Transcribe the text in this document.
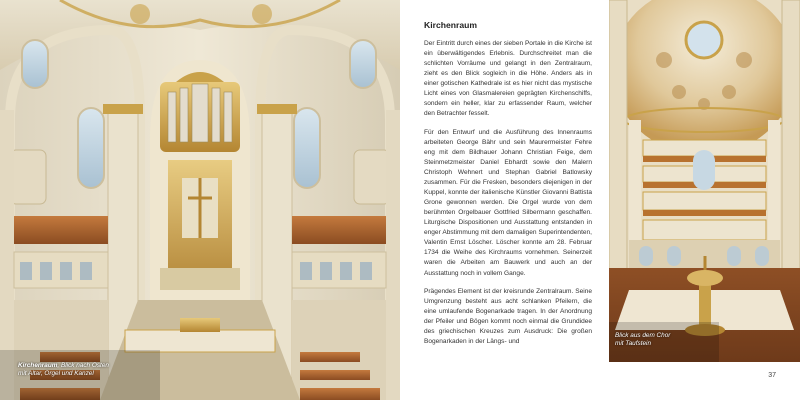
Kirchenraum, Blick nach Osten
mit Altar, Orgel und Kanzel
Kirchenraum

Der Eintritt durch eines der sieben Portale in die Kirche ist ein überwältigendes Erlebnis. Durchschreitet man die schlichten Vorräume und gelangt in den Zentralraum, zieht es den Blick sogleich in die Höhe. Anders als in einer gotischen Kathedrale ist es hier nicht das mystische Licht eines von Glasmalereien geprägten Kirchenschiffs, sondern ein heller, klar zu erfassender Raum, welcher den Betrachter fesselt.

Für den Entwurf und die Ausführung des Innenraums arbeiteten George Bähr und sein Maurermeister Fehre eng mit dem Bildhauer Johann Christian Feige, dem Steinmetzmeister Daniel Ebhardt sowie den Malern Christoph Wehnert und Stephan Gabriel Batlowsky zusammen. Für die Fresken, besonders diejenigen in der Kuppel, konnte der italienische Künstler Giovanni Battista Grone gewonnen werden. Die Orgel wurde von dem berühmten Orgelbauer Gottfried Silbermann geschaffen. Liturgische Dispositionen und Ausstattung entstanden in enger Abstimmung mit dem damaligen Superintendenten, Valentin Ernst Löscher. Löscher konnte am 28. Februar 1734 die Weihe des Kirchraums vornehmen. Seinerzeit waren die Arbeiten am Bauwerk und auch an der Ausstattung noch in vollem Gange.

Prägendes Element ist der kreisrunde Zentralraum. Seine Umgrenzung besteht aus acht schlanken Pfeilern, die eine umlaufende Bogenarkade tragen. In der Anordnung der Pfeiler und Bögen kommt noch einmal die Grundidee des griechischen Kreuzes zum Ausdruck: Die großen Bogenarkaden in der Längs- und

Blick aus dem Chor
mit Taufstein
37
